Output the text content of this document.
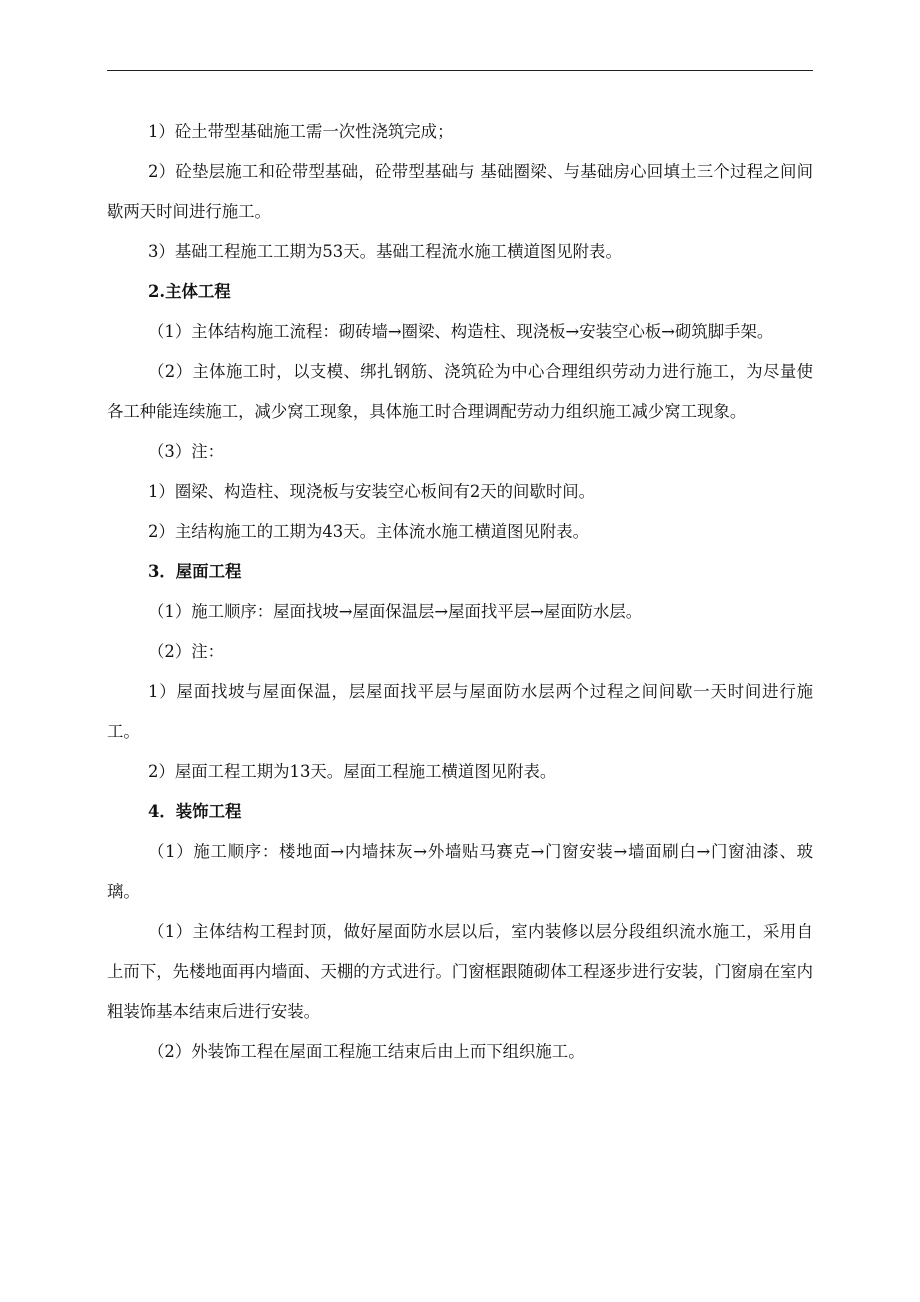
1）砼土带型基础施工需一次性浇筑完成；

2）砼垫层施工和砼带型基础，砼带型基础与 基础圈梁、与基础房心回填土三个过程之间间歇两天时间进行施工。

3）基础工程施工工期为53天。基础工程流水施工横道图见附表。

2.主体工程

（1）主体结构施工流程：砌砖墙→圈梁、构造柱、现浇板→安装空心板→砌筑脚手架。

（2）主体施工时，以支模、绑扎钢筋、浇筑砼为中心合理组织劳动力进行施工，为尽量使各工种能连续施工，减少窝工现象，具体施工时合理调配劳动力组织施工减少窝工现象。

（3）注：

1）圈梁、构造柱、现浇板与安装空心板间有2天的间歇时间。

2）主结构施工的工期为43天。主体流水施工横道图见附表。

3．屋面工程

（1）施工顺序：屋面找坡→屋面保温层→屋面找平层→屋面防水层。

（2）注：

1）屋面找坡与屋面保温，层屋面找平层与屋面防水层两个过程之间间歇一天时间进行施工。

2）屋面工程工期为13天。屋面工程施工横道图见附表。

4．装饰工程

（1）施工顺序：楼地面→内墙抹灰→外墙贴马赛克→门窗安装→墙面刷白→门窗油漆、玻璃。

（1）主体结构工程封顶，做好屋面防水层以后，室内装修以层分段组织流水施工，采用自上而下，先楼地面再内墙面、天棚的方式进行。门窗框跟随砌体工程逐步进行安装，门窗扇在室内粗装饰基本结束后进行安装。

（2）外装饰工程在屋面工程施工结束后由上而下组织施工。
